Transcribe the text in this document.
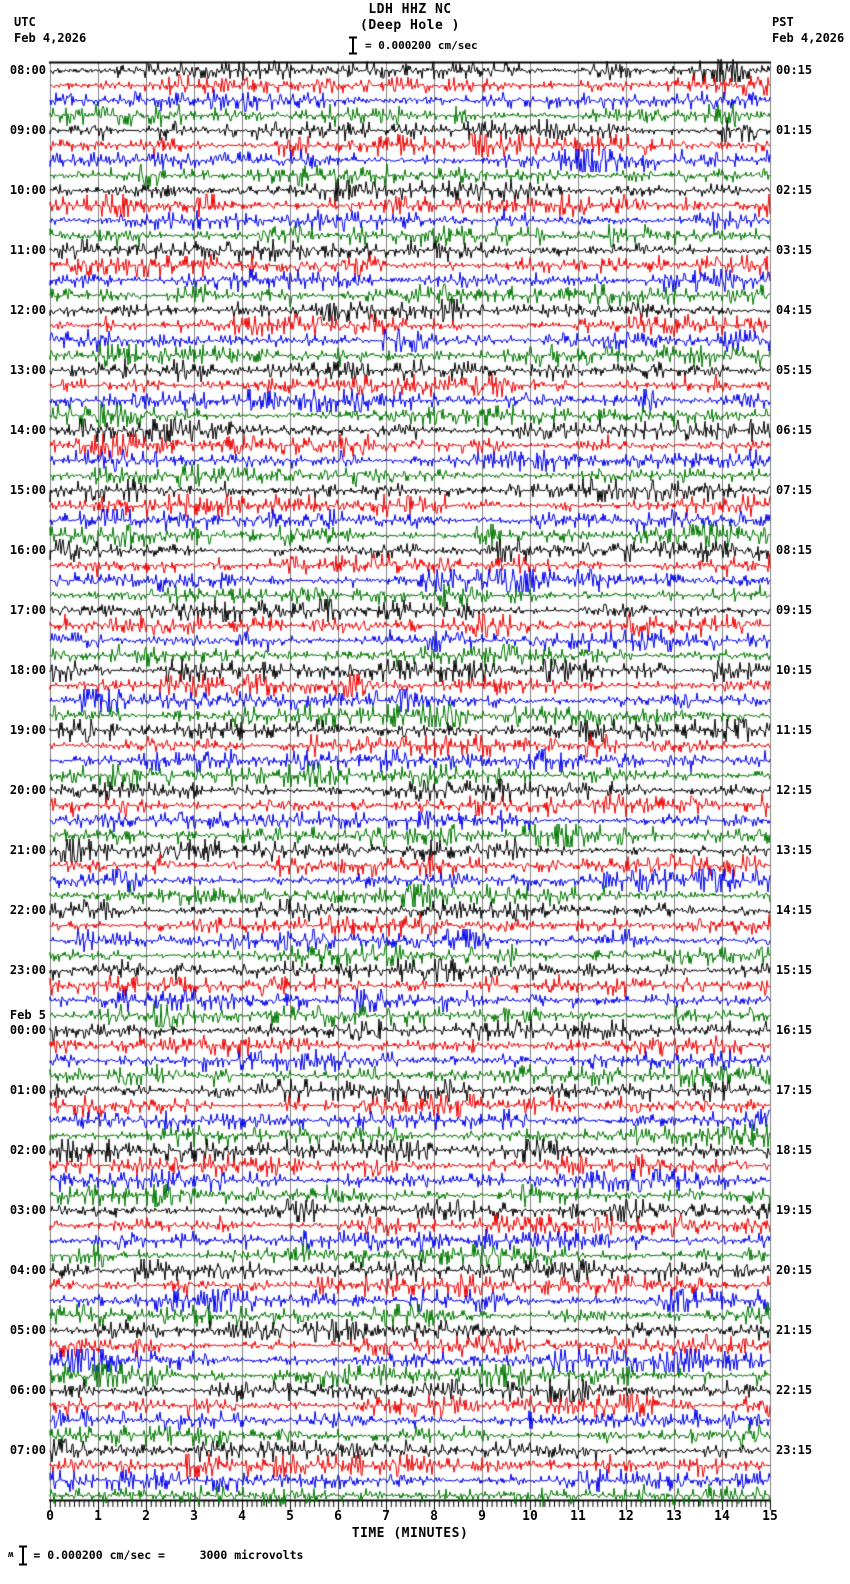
08:00
09:00
10:00
11:00
12:00
13:00
14:00
15:00
16:00
17:00
18:00
19:00
20:00
21:00
22:00
23:00
Feb 5
00:00
01:00
02:00
03:00
04:00
05:00
06:00
07:00
00:15
01:15
02:15
03:15
04:15
05:15
06:15
07:15
08:15
09:15
10:15
11:15
12:15
13:15
14:15
15:15
16:15
17:15
18:15
19:15
20:15
21:15
22:15
23:15
0	1	2	3	4	5	6	7	8	9	10 11 12 13 14 15
TIME (MINUTES)
ʍ = 0.000200 cm/sec =     3000 microvolts
